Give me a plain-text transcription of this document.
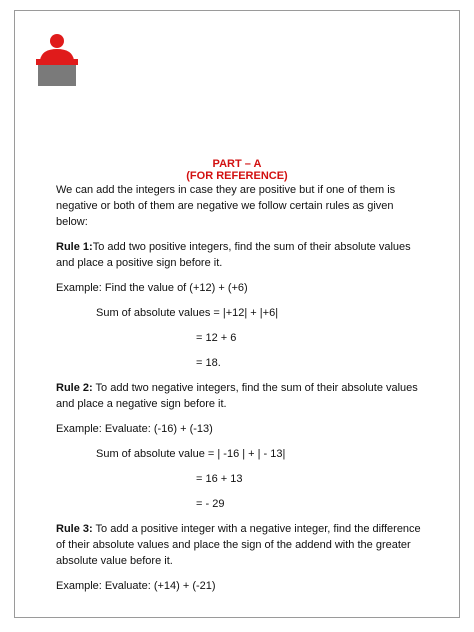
PART – A
(FOR REFERENCE)

We can add the integers in case they are positive but if one of them is negative or both of them are negative we follow certain rules as given below:

Rule 1:To add two positive integers, find the sum of their absolute values and place a positive sign before it.

Example: Find the value of (+12) + (+6)

Sum of absolute values = |+12| + |+6|

= 12 + 6

= 18.

Rule 2: To add two negative integers, find the sum of their absolute values and place a negative sign before it.

Example: Evaluate: (-16) + (-13)

Sum of absolute value = | -16 | + | - 13|

= 16 + 13

= - 29

Rule 3: To add a positive integer with a negative integer, find the difference of their absolute values and place the sign of the addend with the greater absolute value before it.

Example: Evaluate: (+14) + (-21)
